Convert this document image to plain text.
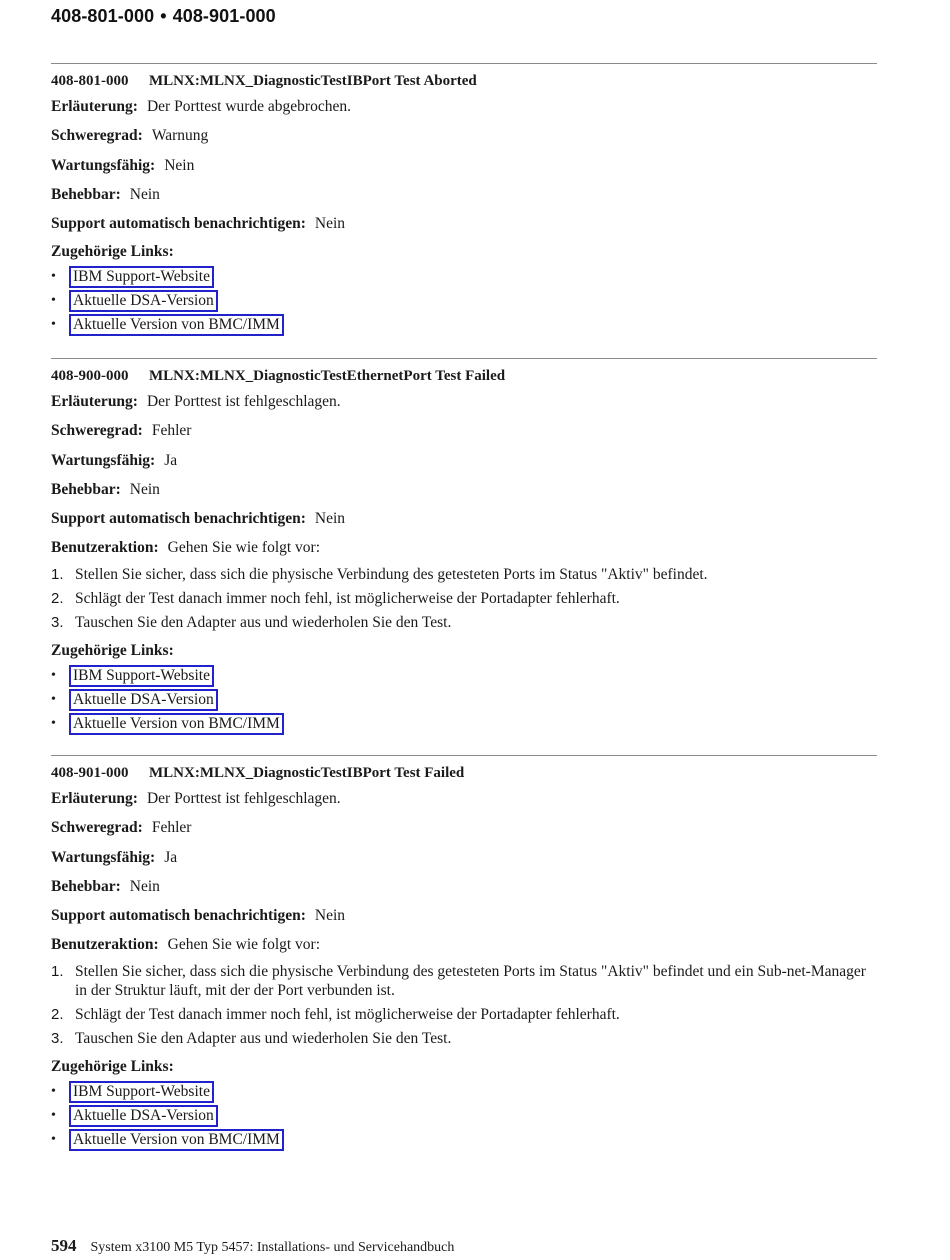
408-801-000 • 408-901-000
408-801-000 MLNX:MLNX_DiagnosticTestIBPort Test Aborted
Erläuterung: Der Porttest wurde abgebrochen.
Schweregrad: Warnung
Wartungsfähig: Nein
Behebbar: Nein
Support automatisch benachrichtigen: Nein
Zugehörige Links:
• IBM Support-Website
• Aktuelle DSA-Version
• Aktuelle Version von BMC/IMM
408-900-000 MLNX:MLNX_DiagnosticTestEthernetPort Test Failed
Erläuterung: Der Porttest ist fehlgeschlagen.
Schweregrad: Fehler
Wartungsfähig: Ja
Behebbar: Nein
Support automatisch benachrichtigen: Nein
Benutzeraktion: Gehen Sie wie folgt vor:
1. Stellen Sie sicher, dass sich die physische Verbindung des getesteten Ports im Status "Aktiv" befindet.
2. Schlägt der Test danach immer noch fehl, ist möglicherweise der Portadapter fehlerhaft.
3. Tauschen Sie den Adapter aus und wiederholen Sie den Test.
Zugehörige Links:
• IBM Support-Website
• Aktuelle DSA-Version
• Aktuelle Version von BMC/IMM
408-901-000 MLNX:MLNX_DiagnosticTestIBPort Test Failed
Erläuterung: Der Porttest ist fehlgeschlagen.
Schweregrad: Fehler
Wartungsfähig: Ja
Behebbar: Nein
Support automatisch benachrichtigen: Nein
Benutzeraktion: Gehen Sie wie folgt vor:
1. Stellen Sie sicher, dass sich die physische Verbindung des getesteten Ports im Status "Aktiv" befindet und ein Sub-net-Manager in der Struktur läuft, mit der der Port verbunden ist.
2. Schlägt der Test danach immer noch fehl, ist möglicherweise der Portadapter fehlerhaft.
3. Tauschen Sie den Adapter aus und wiederholen Sie den Test.
Zugehörige Links:
• IBM Support-Website
• Aktuelle DSA-Version
• Aktuelle Version von BMC/IMM
594 System x3100 M5 Typ 5457: Installations- und Servicehandbuch
